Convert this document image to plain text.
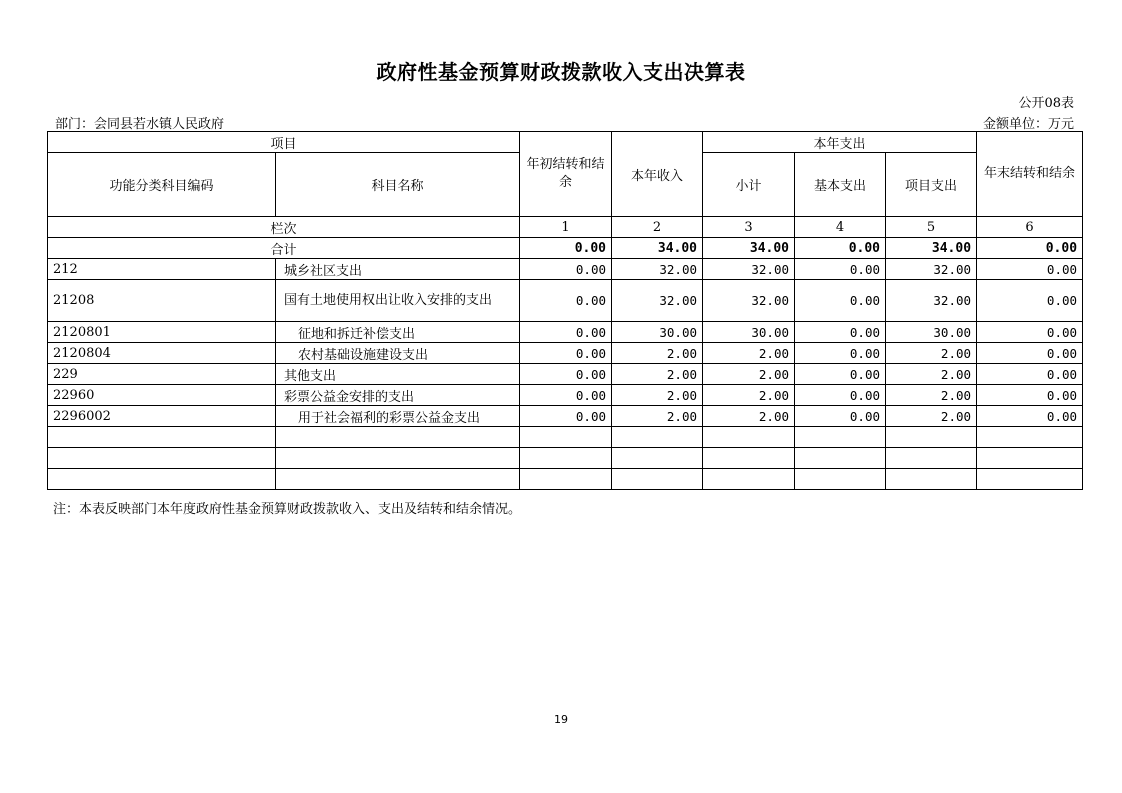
政府性基金预算财政拨款收入支出决算表
公开08表
部门：会同县若水镇人民政府	金额单位：万元
项目		年初结转和结余	本年收入	本年支出			年末结转和结余
功能分类科目编码	科目名称			小计	基本支出	项目支出	
栏次		1	2	3	4	5	6
合计		0.00	34.00	34.00	0.00	34.00	0.00
212	城乡社区支出	0.00	32.00	32.00	0.00	32.00	0.00
21208	国有土地使用权出让收入安排的支出	0.00	32.00	32.00	0.00	32.00	0.00
2120801	征地和拆迁补偿支出	0.00	30.00	30.00	0.00	30.00	0.00
2120804	农村基础设施建设支出	0.00	2.00	2.00	0.00	2.00	0.00
229	其他支出	0.00	2.00	2.00	0.00	2.00	0.00
22960	彩票公益金安排的支出	0.00	2.00	2.00	0.00	2.00	0.00
2296002	用于社会福利的彩票公益金支出	0.00	2.00	2.00	0.00	2.00	0.00

注：本表反映部门本年度政府性基金预算财政拨款收入、支出及结转和结余情况。
19
